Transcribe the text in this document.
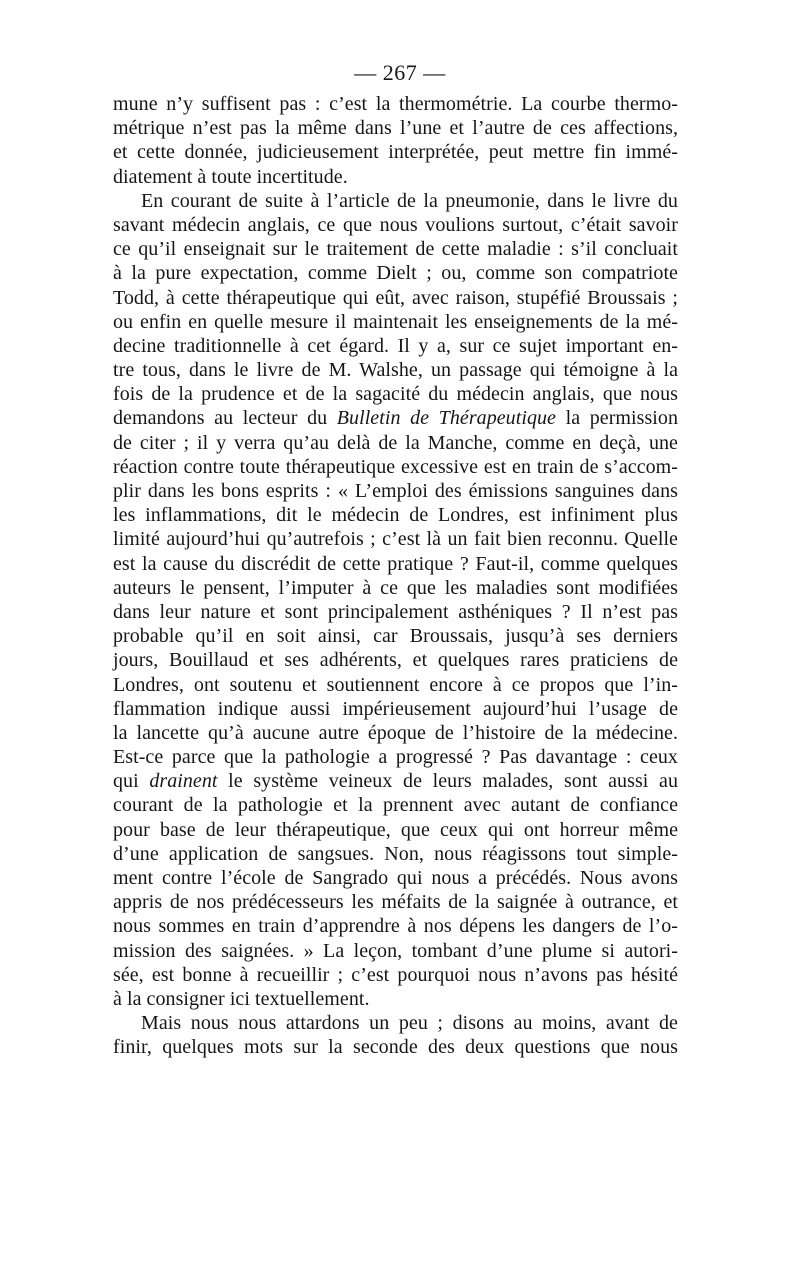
— 267 —
mune n’y suffisent pas : c’est la thermométrie. La courbe thermo-
métrique n’est pas la même dans l’une et l’autre de ces affections,
et cette donnée, judicieusement interprétée, peut mettre fin immé-
diatement à toute incertitude.
En courant de suite à l’article de la pneumonie, dans le livre du
savant médecin anglais, ce que nous voulions surtout, c’était savoir
ce qu’il enseignait sur le traitement de cette maladie : s’il concluait
à la pure expectation, comme Dielt ; ou, comme son compatriote
Todd, à cette thérapeutique qui eût, avec raison, stupéfié Broussais ;
ou enfin en quelle mesure il maintenait les enseignements de la mé-
decine traditionnelle à cet égard. Il y a, sur ce sujet important en-
tre tous, dans le livre de M. Walshe, un passage qui témoigne à la
fois de la prudence et de la sagacité du médecin anglais, que nous
demandons au lecteur du Bulletin de Thérapeutique la permission
de citer ; il y verra qu’au delà de la Manche, comme en deçà, une
réaction contre toute thérapeutique excessive est en train de s’accom-
plir dans les bons esprits : « L’emploi des émissions sanguines dans
les inflammations, dit le médecin de Londres, est infiniment plus
limité aujourd’hui qu’autrefois ; c’est là un fait bien reconnu. Quelle
est la cause du discrédit de cette pratique ? Faut-il, comme quelques
auteurs le pensent, l’imputer à ce que les maladies sont modifiées
dans leur nature et sont principalement asthéniques ? Il n’est pas
probable qu’il en soit ainsi, car Broussais, jusqu’à ses derniers
jours, Bouillaud et ses adhérents, et quelques rares praticiens de
Londres, ont soutenu et soutiennent encore à ce propos que l’in-
flammation indique aussi impérieusement aujourd’hui l’usage de
la lancette qu’à aucune autre époque de l’histoire de la médecine.
Est-ce parce que la pathologie a progressé ? Pas davantage : ceux
qui drainent le système veineux de leurs malades, sont aussi au
courant de la pathologie et la prennent avec autant de confiance
pour base de leur thérapeutique, que ceux qui ont horreur même
d’une application de sangsues. Non, nous réagissons tout simple-
ment contre l’école de Sangrado qui nous a précédés. Nous avons
appris de nos prédécesseurs les méfaits de la saignée à outrance, et
nous sommes en train d’apprendre à nos dépens les dangers de l’o-
mission des saignées. » La leçon, tombant d’une plume si autori-
sée, est bonne à recueillir ; c’est pourquoi nous n’avons pas hésité
à la consigner ici textuellement.
Mais nous nous attardons un peu ; disons au moins, avant de
finir, quelques mots sur la seconde des deux questions que nous
